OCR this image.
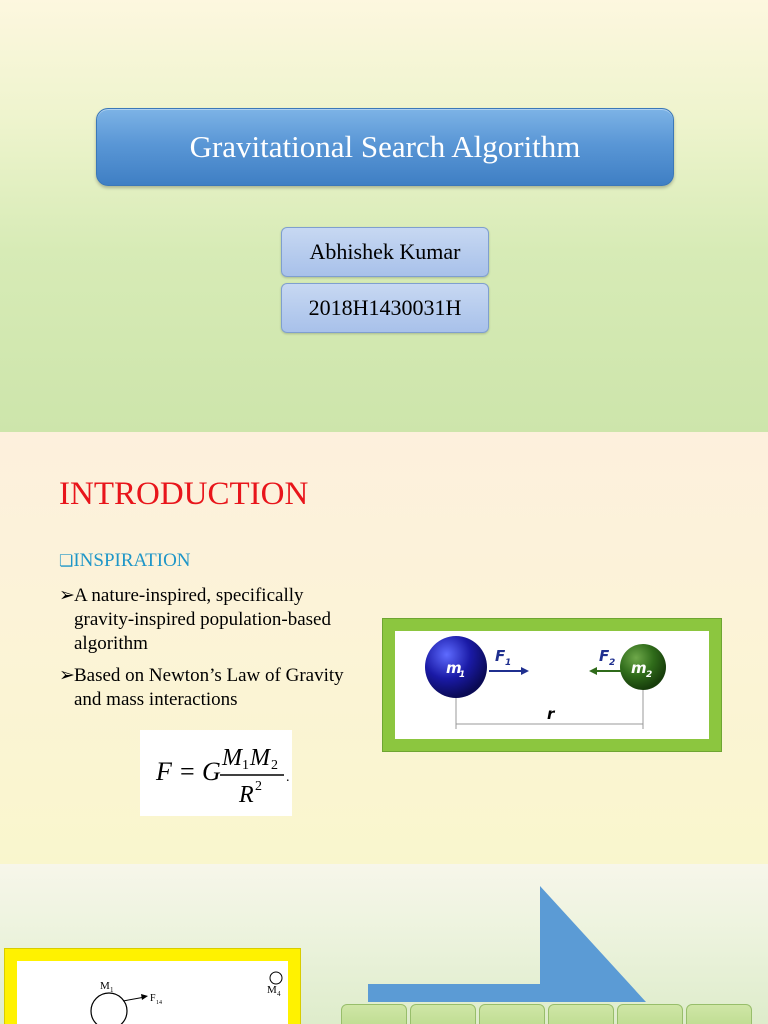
Gravitational Search Algorithm
Abhishek Kumar
2018H1430031H
INTRODUCTION
❏INSPIRATION
➢ A nature-inspired, specifically gravity-inspired population-based algorithm
➢ Based on Newton’s Law of Gravity and mass interactions
F = G M 1 M 2
R 2
.
m
1	m 2
F 1	F 2
r
M 1
F 14
M 4
